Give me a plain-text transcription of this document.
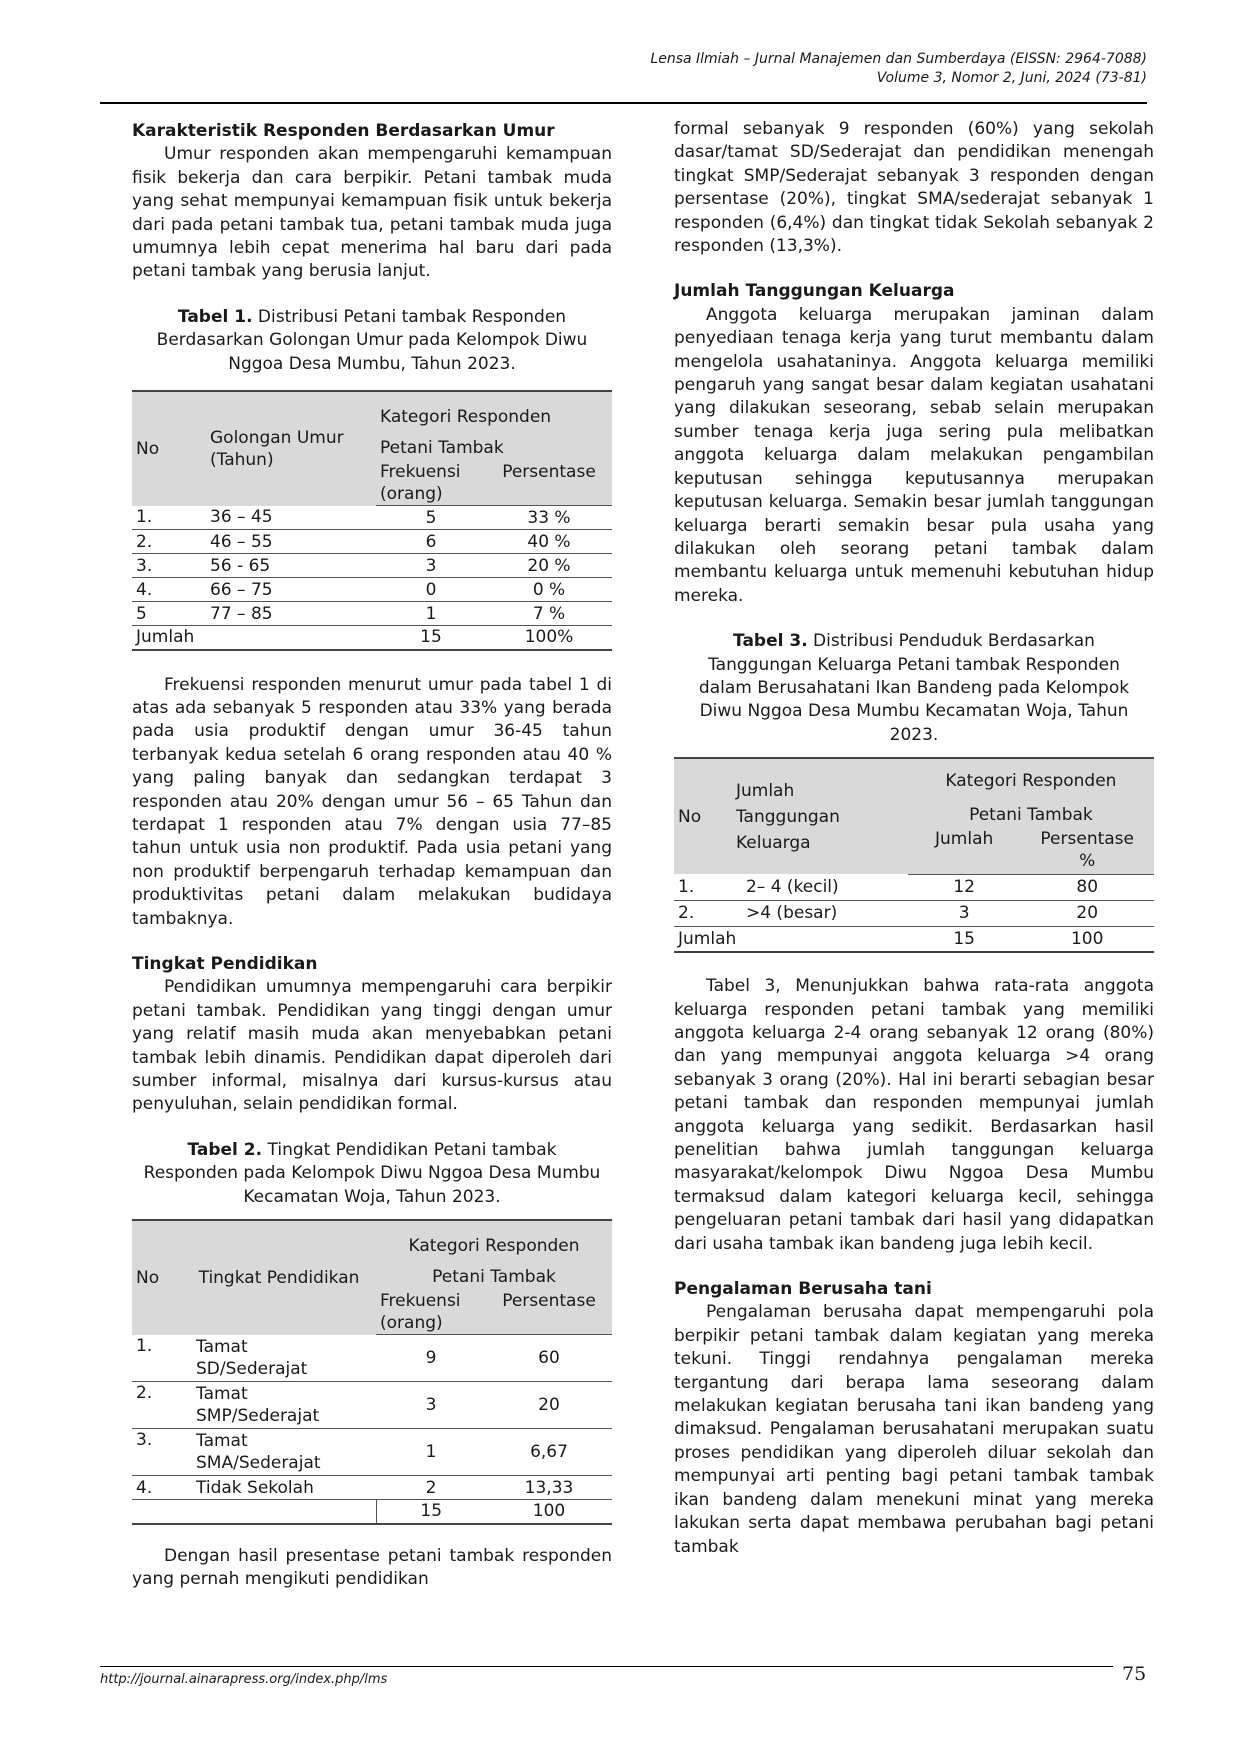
Lensa Ilmiah – Jurnal Manajemen dan Sumberdaya (EISSN: 2964-7088)
Volume 3, Nomor 2, Juni, 2024 (73-81)
Karakteristik Responden Berdasarkan Umur

Umur responden akan mempengaruhi kemampuan fisik bekerja dan cara berpikir. Petani tambak muda yang sehat mempunyai kemampuan fisik untuk bekerja dari pada petani tambak tua, petani tambak muda juga umumnya lebih cepat menerima hal baru dari pada petani tambak yang berusia lanjut.

Tabel 1. Distribusi Petani tambak Responden Berdasarkan Golongan Umur pada Kelompok Diwu Nggoa Desa Mumbu, Tahun 2023.
No	Golongan Umur (Tahun)	Kategori Responden	
		Petani Tambak	
		Frekuensi (orang)	Persentase
1.	36 – 45	5	33 %
2.	46 – 55	6	40 %
3.	56 - 65	3	20 %
4.	66 – 75	0	0 %
5	77 – 85	1	7 %
Jumlah		15	100%

Frekuensi responden menurut umur pada tabel 1 di atas ada sebanyak 5 responden atau 33% yang berada pada usia produktif dengan umur 36-45 tahun terbanyak kedua setelah 6 orang responden atau 40 % yang paling banyak dan sedangkan terdapat 3 responden atau 20% dengan umur 56 – 65 Tahun dan terdapat 1 responden atau 7% dengan usia 77–85 tahun untuk usia non produktif. Pada usia petani yang non produktif berpengaruh terhadap kemampuan dan produktivitas petani dalam melakukan budidaya tambaknya.

Tingkat Pendidikan

Pendidikan umumnya mempengaruhi cara berpikir petani tambak. Pendidikan yang tinggi dengan umur yang relatif masih muda akan menyebabkan petani tambak lebih dinamis. Pendidikan dapat diperoleh dari sumber informal, misalnya dari kursus-kursus atau penyuluhan, selain pendidikan formal.

Tabel 2. Tingkat Pendidikan Petani tambak Responden pada Kelompok Diwu Nggoa Desa Mumbu Kecamatan Woja, Tahun 2023.
No	Tingkat Pendidikan	Kategori Responden	
		Petani Tambak	
		Frekuensi (orang)	Persentase
1.	Tamat SD/Sederajat	9	60
2.	Tamat SMP/Sederajat	3	20
3.	Tamat SMA/Sederajat	1	6,67
4.	Tidak Sekolah	2	13,33
		15	100

Dengan hasil presentase petani tambak responden yang pernah mengikuti pendidikan

formal sebanyak 9 responden (60%) yang sekolah dasar/tamat SD/Sederajat dan pendidikan menengah tingkat SMP/Sederajat sebanyak 3 responden dengan persentase (20%), tingkat SMA/sederajat sebanyak 1 responden (6,4%) dan tingkat tidak Sekolah sebanyak 2 responden (13,3%).

Jumlah Tanggungan Keluarga

Anggota keluarga merupakan jaminan dalam penyediaan tenaga kerja yang turut membantu dalam mengelola usahataninya. Anggota keluarga memiliki pengaruh yang sangat besar dalam kegiatan usahatani yang dilakukan seseorang, sebab selain merupakan sumber tenaga kerja juga sering pula melibatkan anggota keluarga dalam melakukan pengambilan keputusan sehingga keputusannya merupakan keputusan keluarga. Semakin besar jumlah tanggungan keluarga berarti semakin besar pula usaha yang dilakukan oleh seorang petani tambak dalam membantu keluarga untuk memenuhi kebutuhan hidup mereka.

Tabel 3. Distribusi Penduduk Berdasarkan Tanggungan Keluarga Petani tambak Responden dalam Berusahatani Ikan Bandeng pada Kelompok Diwu Nggoa Desa Mumbu Kecamatan Woja, Tahun 2023.
No	Jumlah Tanggungan Keluarga	Kategori Responden	
		Petani Tambak	
		Jumlah	Persentase %
1.	2– 4 (kecil)	12	80
2.	>4 (besar)	3	20
Jumlah		15	100

Tabel 3, Menunjukkan bahwa rata-rata anggota keluarga responden petani tambak yang memiliki anggota keluarga 2-4 orang sebanyak 12 orang (80%) dan yang mempunyai anggota keluarga >4 orang sebanyak 3 orang (20%). Hal ini berarti sebagian besar petani tambak dan responden mempunyai jumlah anggota keluarga yang sedikit. Berdasarkan hasil penelitian bahwa jumlah tanggungan keluarga masyarakat/kelompok Diwu Nggoa Desa Mumbu termaksud dalam kategori keluarga kecil, sehingga pengeluaran petani tambak dari hasil yang didapatkan dari usaha tambak ikan bandeng juga lebih kecil.

Pengalaman Berusaha tani

Pengalaman berusaha dapat mempengaruhi pola berpikir petani tambak dalam kegiatan yang mereka tekuni. Tinggi rendahnya pengalaman mereka tergantung dari berapa lama seseorang dalam melakukan kegiatan berusaha tani ikan bandeng yang dimaksud. Pengalaman berusahatani merupakan suatu proses pendidikan yang diperoleh diluar sekolah dan mempunyai arti penting bagi petani tambak tambak ikan bandeng dalam menekuni minat yang mereka lakukan serta dapat membawa perubahan bagi petani tambak

http://journal.ainarapress.org/index.php/lms	75
